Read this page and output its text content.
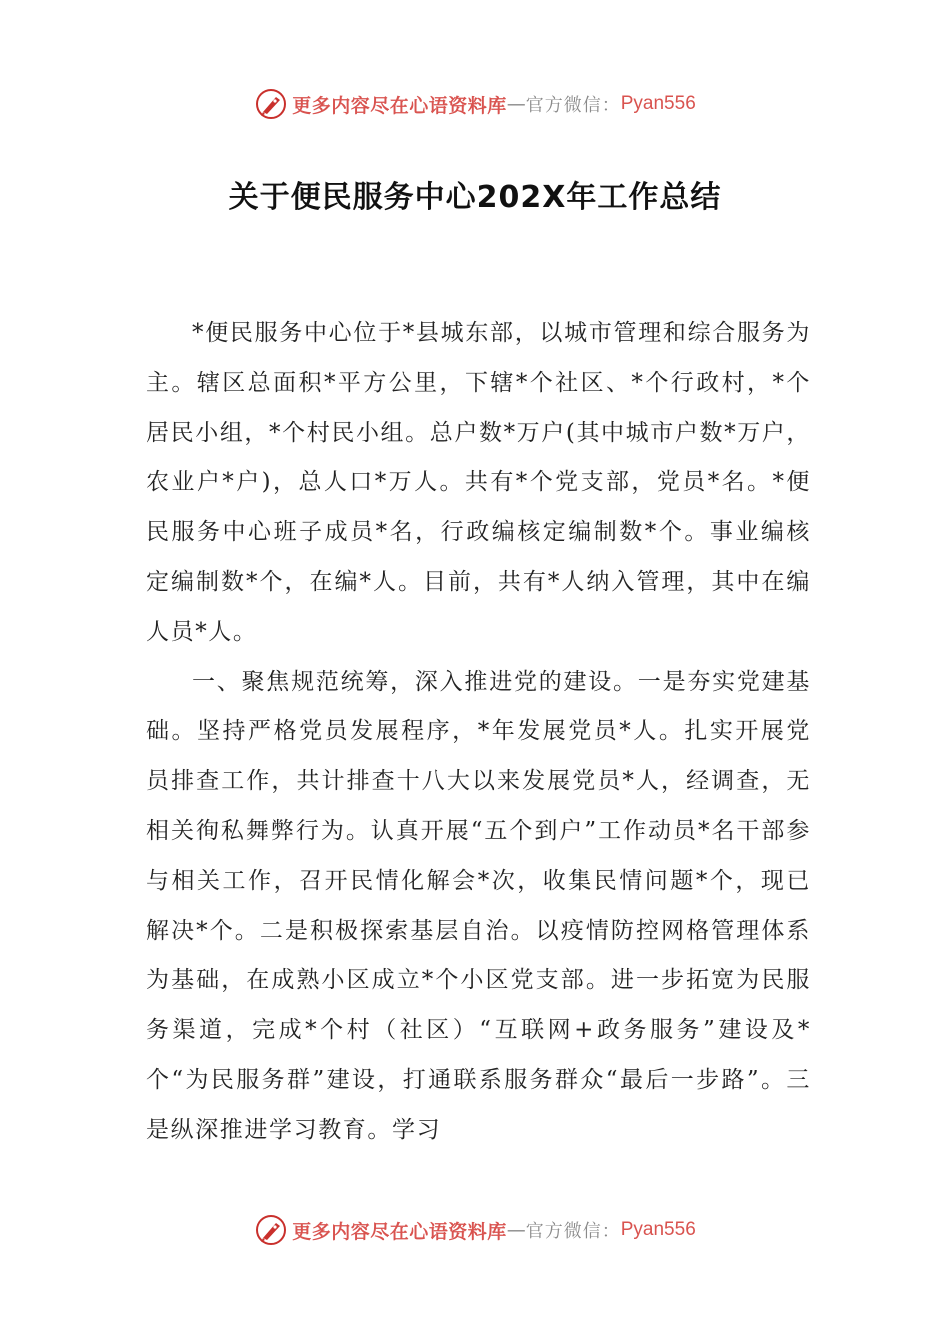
更多内容尽在心语资料库 — 官方微信： Pyan556
关于便民服务中心202X年工作总结

*便民服务中心位于*县城东部，以城市管理和综合服务为主。辖区总面积*平方公里，下辖*个社区、*个行政村，*个居民小组，*个村民小组。总户数*万户(其中城市户数*万户，农业户*户)，总人口*万人。共有*个党支部，党员*名。*便民服务中心班子成员*名，行政编核定编制数*个。事业编核定编制数*个，在编*人。目前，共有*人纳入管理，其中在编人员*人。

一、聚焦规范统筹，深入推进党的建设。一是夯实党建基础。坚持严格党员发展程序，*年发展党员*人。扎实开展党员排查工作，共计排查十八大以来发展党员*人，经调查，无相关徇私舞弊行为。认真开展“五个到户”工作动员*名干部参与相关工作，召开民情化解会*次，收集民情问题*个，现已解决*个。二是积极探索基层自治。以疫情防控网格管理体系为基础，在成熟小区成立*个小区党支部。进一步拓宽为民服务渠道，完成*个村（社区）“互联网+政务服务”建设及*个“为民服务群”建设，打通联系服务群众“最后一步路”。三是纵深推进学习教育。学习

更多内容尽在心语资料库 — 官方微信： Pyan556
